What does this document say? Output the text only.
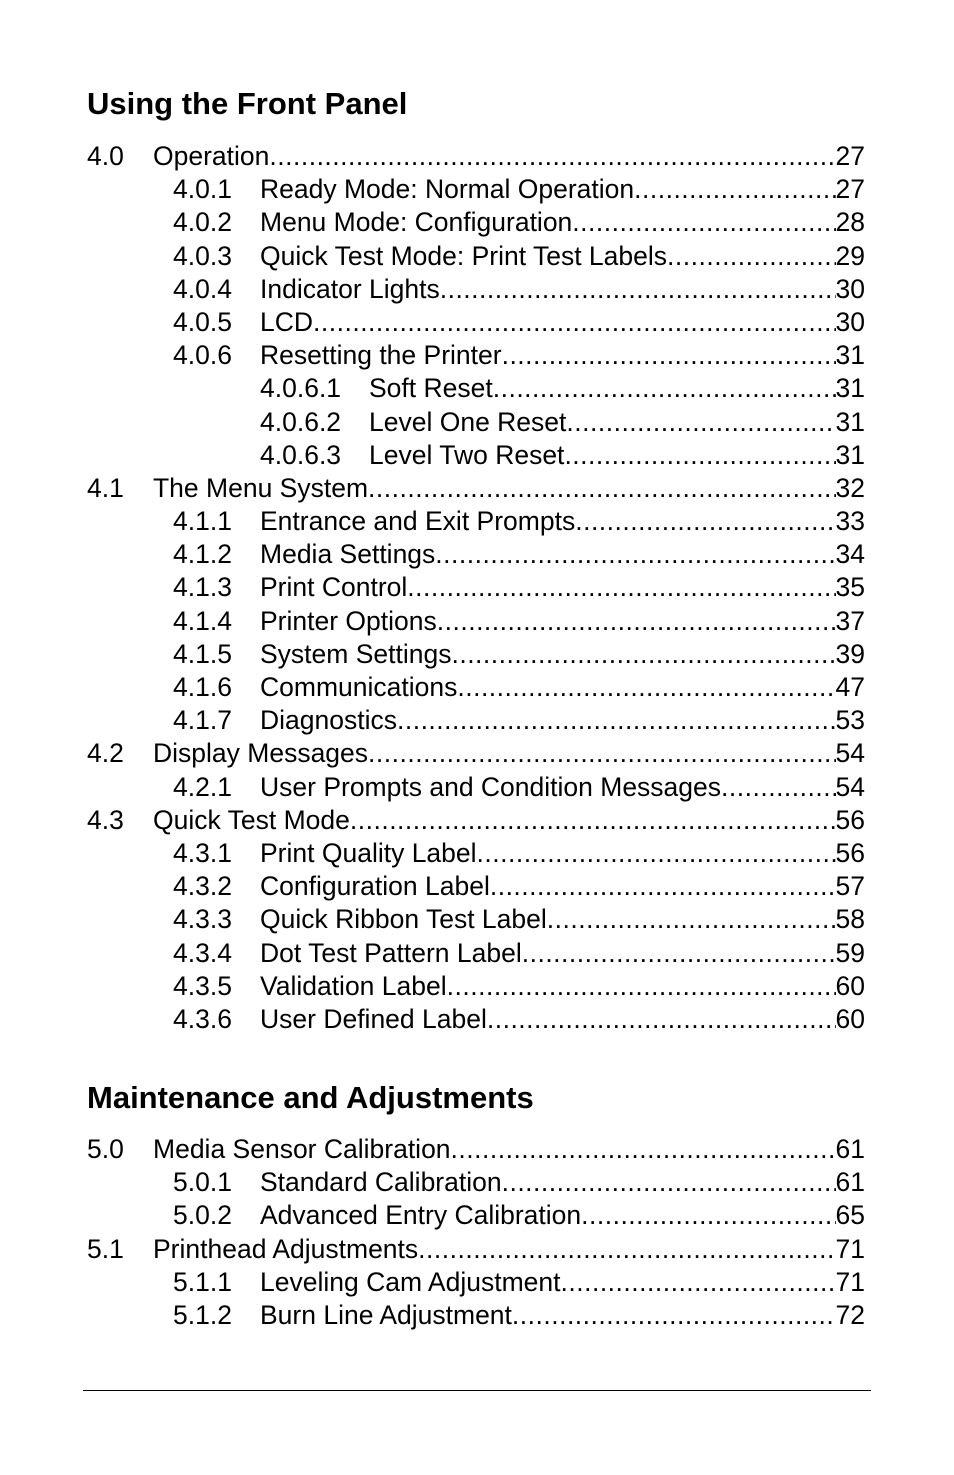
Using the Front Panel
4.0	Operation .....	27
4.0.1	Ready Mode: Normal Operation .....	27
4.0.2	Menu Mode: Configuration .....	28
4.0.3	Quick Test Mode: Print Test Labels .....	29
4.0.4	Indicator Lights .....	30
4.0.5	LCD .....	30
4.0.6	Resetting the Printer .....	31
4.0.6.1	Soft Reset .....	31
4.0.6.2	Level One Reset .....	31
4.0.6.3	Level Two Reset .....	31
4.1	The Menu System .....	32
4.1.1	Entrance and Exit Prompts .....	33
4.1.2	Media Settings .....	34
4.1.3	Print Control .....	35
4.1.4	Printer Options .....	37
4.1.5	System Settings .....	39
4.1.6	Communications .....	47
4.1.7	Diagnostics .....	53
4.2	Display Messages .....	54
4.2.1	User Prompts and Condition Messages .....	54
4.3	Quick Test Mode .....	56
4.3.1	Print Quality Label .....	56
4.3.2	Configuration Label .....	57
4.3.3	Quick Ribbon Test Label .....	58
4.3.4	Dot Test Pattern Label .....	59
4.3.5	Validation Label .....	60
4.3.6	User Defined Label .....	60
Maintenance and Adjustments
5.0	Media Sensor Calibration .....	61
5.0.1	Standard Calibration .....	61
5.0.2	Advanced Entry Calibration .....	65
5.1	Printhead Adjustments .....	71
5.1.1	Leveling Cam Adjustment .....	71
5.1.2	Burn Line Adjustment .....	72
